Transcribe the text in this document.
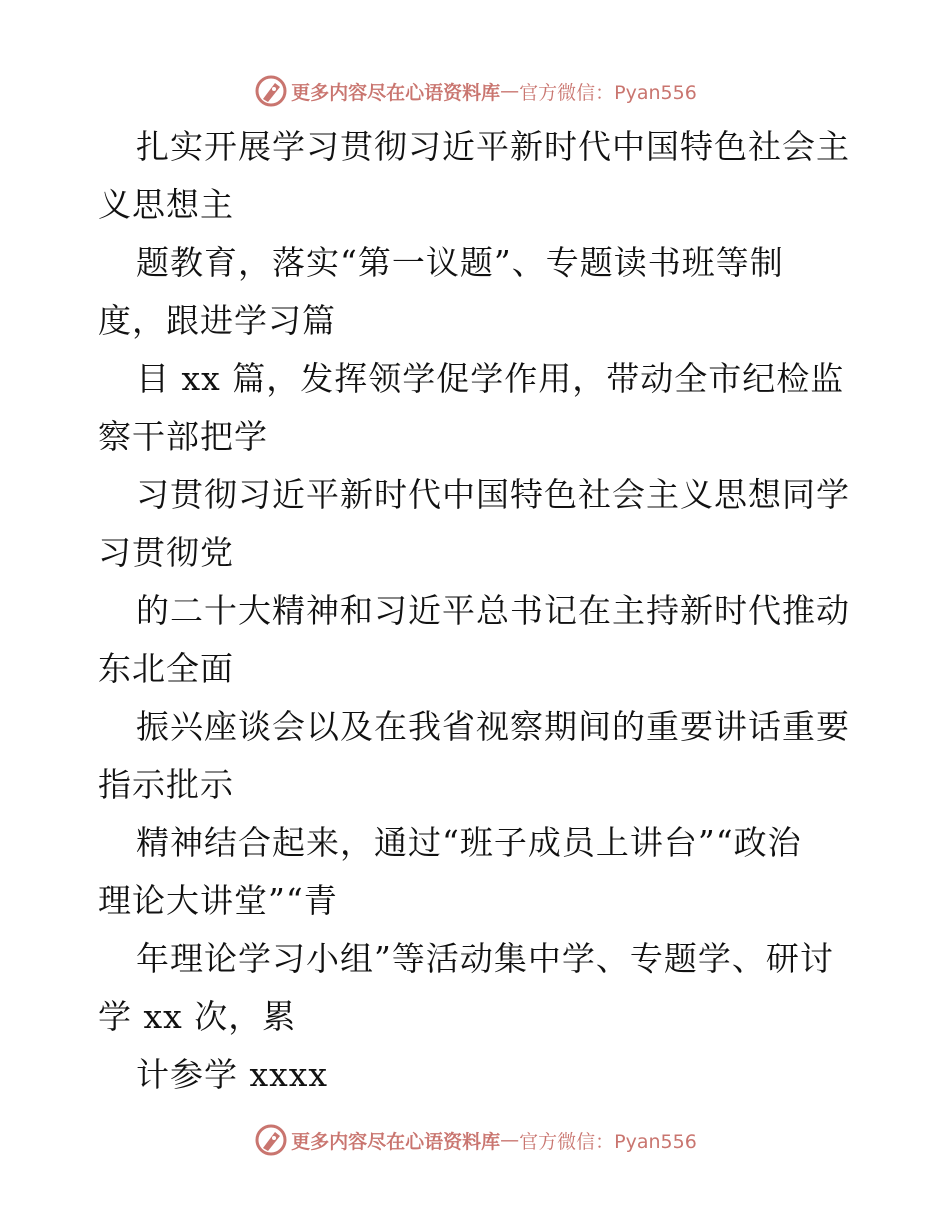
更多内容尽在心语资料库 — 官方微信：Pyan556
扎实开展学习贯彻习近平新时代中国特色社会主
义思想主
题教育，落实“第一议题”、专题读书班等制
度，跟进学习篇
目 xx 篇，发挥领学促学作用，带动全市纪检监
察干部把学
习贯彻习近平新时代中国特色社会主义思想同学
习贯彻党
的二十大精神和习近平总书记在主持新时代推动
东北全面
振兴座谈会以及在我省视察期间的重要讲话重要
指示批示
精神结合起来，通过“班子成员上讲台”“政治
理论大讲堂”“青
年理论学习小组”等活动集中学、专题学、研讨
学 xx 次，累
计参学 xxxx
更多内容尽在心语资料库 — 官方微信：Pyan556
